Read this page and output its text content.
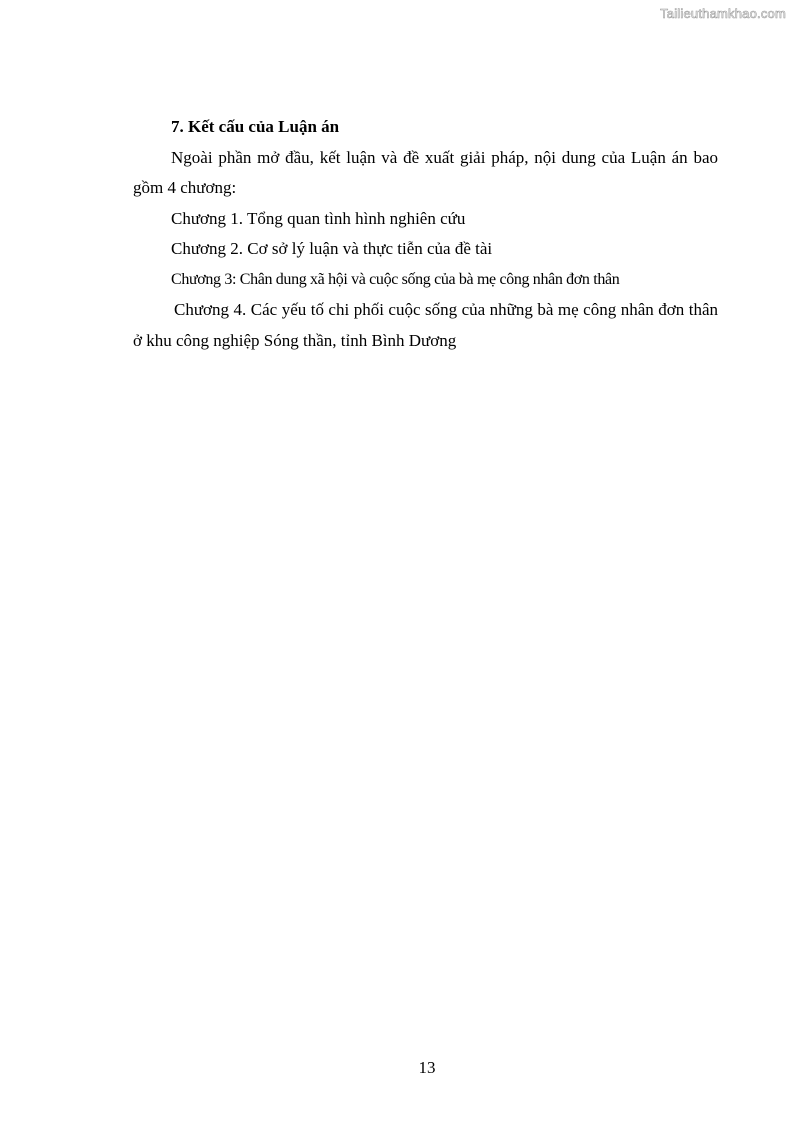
Tailieuthamkhao.com

7. Kết cấu của Luận án

Ngoài phần mở đầu, kết luận và đề xuất giải pháp, nội dung của Luận án bao gồm 4 chương:

Chương 1. Tổng quan tình hình nghiên cứu

Chương 2. Cơ sở lý luận và thực tiễn của đề tài

Chương 3: Chân dung xã hội và cuộc sống của bà mẹ công nhân đơn thân

Chương 4. Các yếu tố chi phối cuộc sống của những bà mẹ công nhân đơn thân ở khu công nghiệp Sóng thần, tỉnh Bình Dương

13
